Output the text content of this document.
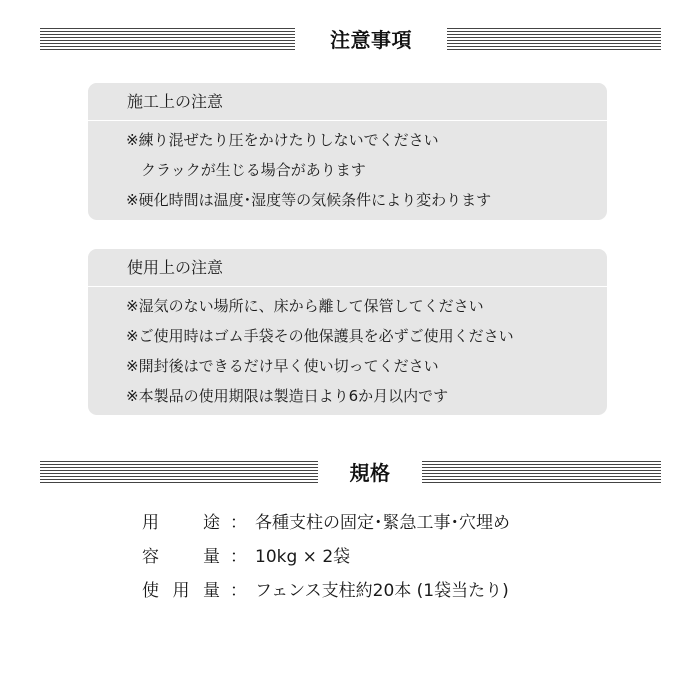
注意事項
施工上の注意
※練り混ぜたり圧をかけたりしないでください
クラックが生じる場合があります
※硬化時間は温度･湿度等の気候条件により変わります
使用上の注意
※湿気のない場所に、床から離して保管してください
※ご使用時はゴム手袋その他保護具を必ずご使用ください
※開封後はできるだけ早く使い切ってください
※本製品の使用期限は製造日より6か月以内です
規格
用	途 ： 各種支柱の固定･緊急工事･穴埋め
容	量 ： 10kg × 2袋
使 用 量 ： フェンス支柱約20本 (1袋当たり)
